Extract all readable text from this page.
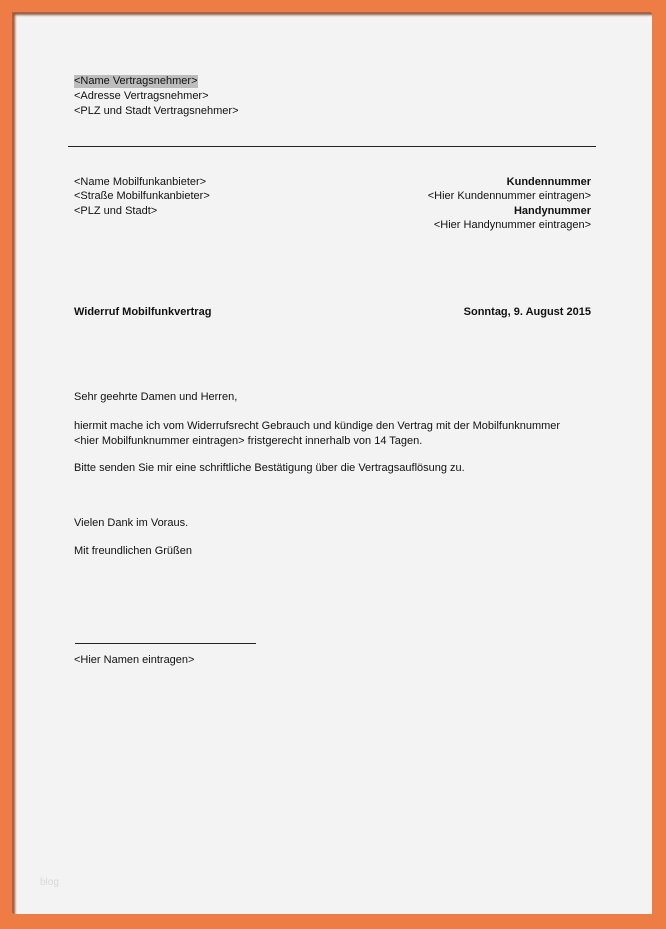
<Name Vertragsnehmer>
<Adresse Vertragsnehmer>
<PLZ und Stadt Vertragsnehmer>
<Name Mobilfunkanbieter>
<Straße Mobilfunkanbieter>
<PLZ und Stadt>
Kundennummer
<Hier Kundennummer eintragen>
Handynummer
<Hier Handynummer eintragen>
Widerruf Mobilfunkvertrag	Sonntag, 9. August 2015
Sehr geehrte Damen und Herren,
hiermit mache ich vom Widerrufsrecht Gebrauch und kündige den Vertrag mit der Mobilfunknummer
<hier Mobilfunknummer eintragen> fristgerecht innerhalb von 14 Tagen.
Bitte senden Sie mir eine schriftliche Bestätigung über die Vertragsauflösung zu.
Vielen Dank im Voraus.
Mit freundlichen Grüßen
<Hier Namen eintragen>
blog
